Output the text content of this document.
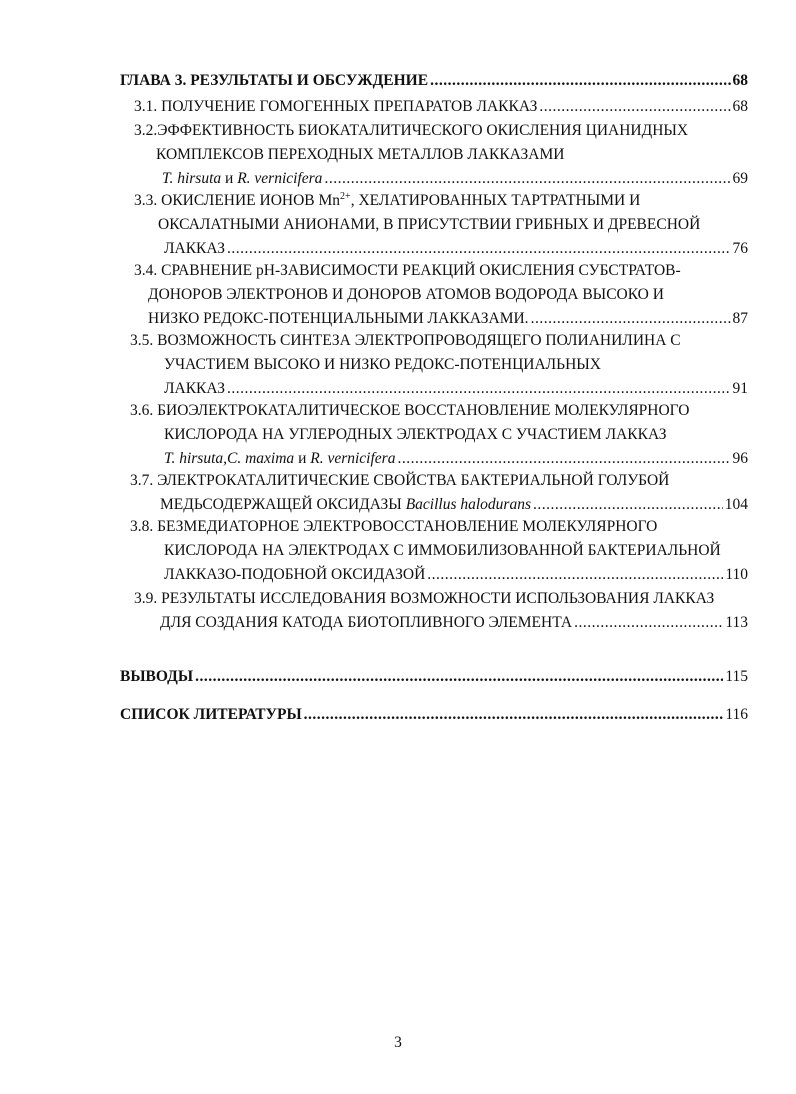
ГЛАВА 3. РЕЗУЛЬТАТЫ И ОБСУЖДЕНИЕ .....	68
3.1. ПОЛУЧЕНИЕ ГОМОГЕННЫХ ПРЕПАРАТОВ ЛАККАЗ .....	68
3.2.ЭФФЕКТИВНОСТЬ БИОКАТАЛИТИЧЕСКОГО ОКИСЛЕНИЯ ЦИАНИДНЫХ
КОМПЛЕКСОВ ПЕРЕХОДНЫХ МЕТАЛЛОВ ЛАККАЗАМИ
T. hirsuta
и
R. vernicifera .....	69
3.3. ОКИСЛЕНИЕ ИОНОВ $Mn^{2+}$, ХЕЛАТИРОВАННЫХ ТАРТРАТНЫМИ И
ОКСАЛАТНЫМИ АНИОНАМИ, В ПРИСУТСТВИИ ГРИБНЫХ И ДРЕВЕСНОЙ
ЛАККАЗ .....	76
3.4. СРАВНЕНИЕ pH-ЗАВИСИМОСТИ РЕАКЦИЙ ОКИСЛЕНИЯ СУБСТРАТОВ-
ДОНОРОВ ЭЛЕКТРОНОВ И ДОНОРОВ АТОМОВ ВОДОРОДА ВЫСОКО И
НИЗКО РЕДОКС-ПОТЕНЦИАЛЬНЫМИ ЛАККАЗАМИ. .....	87
3.5. ВОЗМОЖНОСТЬ СИНТЕЗА ЭЛЕКТРОПРОВОДЯЩЕГО ПОЛИАНИЛИНА С
УЧАСТИЕМ ВЫСОКО И НИЗКО РЕДОКС-ПОТЕНЦИАЛЬНЫХ
ЛАККАЗ .....	91
3.6. БИОЭЛЕКТРОКАТАЛИТИЧЕСКОЕ ВОССТАНОВЛЕНИЕ МОЛЕКУЛЯРНОГО
КИСЛОРОДА НА УГЛЕРОДНЫХ ЭЛЕКТРОДАХ С УЧАСТИЕМ ЛАККАЗ
T. hirsuta,C. maxima
и
R. vernicifera .....	96
3.7. ЭЛЕКТРОКАТАЛИТИЧЕСКИЕ СВОЙСТВА БАКТЕРИАЛЬНОЙ ГОЛУБОЙ
МЕДЬСОДЕРЖАЩЕЙ ОКСИДАЗЫ
Bacillus halodurans .....	104
3.8. БЕЗМЕДИАТОРНОЕ ЭЛЕКТРОВОССТАНОВЛЕНИЕ МОЛЕКУЛЯРНОГО
КИСЛОРОДА НА ЭЛЕКТРОДАХ С ИММОБИЛИЗОВАННОЙ БАКТЕРИАЛЬНОЙ
ЛАККАЗО-ПОДОБНОЙ ОКСИДАЗОЙ .....	110
3.9. РЕЗУЛЬТАТЫ ИССЛЕДОВАНИЯ ВОЗМОЖНОСТИ ИСПОЛЬЗОВАНИЯ ЛАККАЗ
ДЛЯ СОЗДАНИЯ КАТОДА БИОТОПЛИВНОГО ЭЛЕМЕНТА .....	113
ВЫВОДЫ .....	115
СПИСОК ЛИТЕРАТУРЫ .....	116
3
